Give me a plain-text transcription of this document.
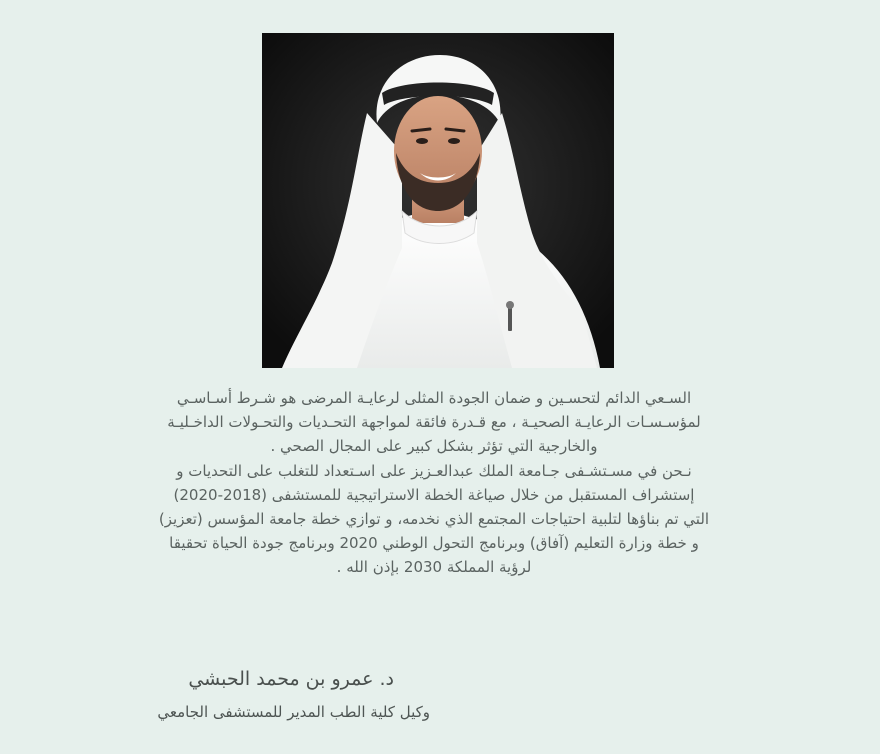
السـعي الدائم لتحسـين و ضمان الجودة المثلى لرعايـة المرضى هو شـرط أسـاسـي
لمؤسـسـات الرعايـة الصحيـة ، مع قـدرة فائقة لمواجهة التحـديات والتحـولات الداخـليـة
والخارجية التي تؤثر بشكل كبير على المجال الصحي .

نـحن في مسـتشـفى جـامعة الملك عبدالعـزيز على اسـتعداد للتغلب على التحديات و
إستشراف المستقبل من خلال صياغة الخطة الاستراتيجية للمستشفى (2018-2020)
التي تم بناؤها لتلبية احتياجات المجتمع الذي نخدمه، و توازي خطة جامعة المؤسس (تعزيز)
و خطة وزارة التعليم (آفاق) وبرنامج التحول الوطني 2020 وبرنامج جودة الحياة تحقيقا
لرؤية المملكة 2030 بإذن الله .

د. عمرو بن محمد الحبشي
وكيل كلية الطب المدير للمستشفى الجامعي
